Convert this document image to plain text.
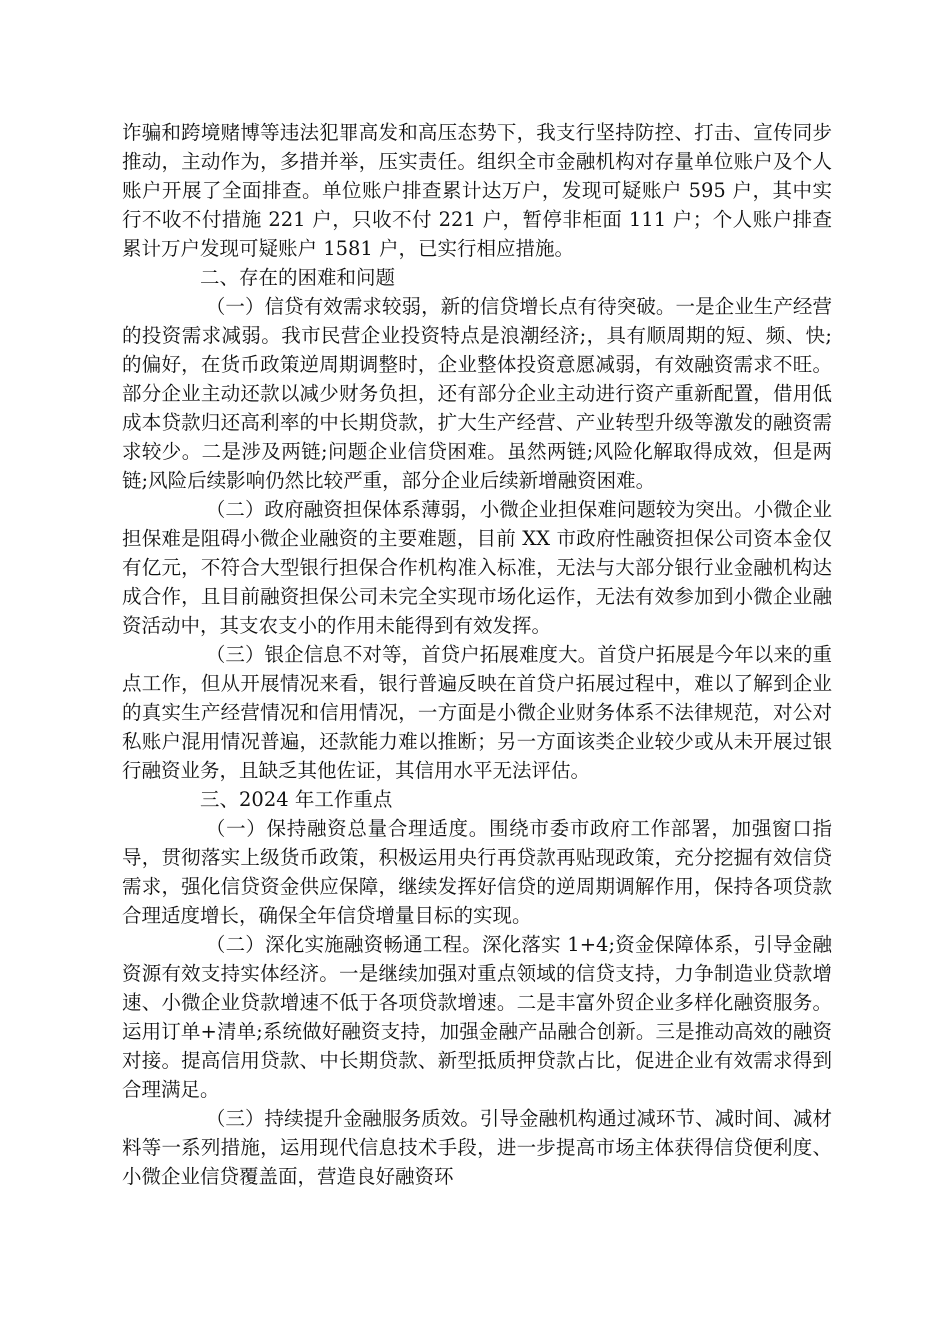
诈骗和跨境赌博等违法犯罪高发和高压态势下，我支行坚持防控、打击、宣传同步推动，主动作为，多措并举，压实责任。组织全市金融机构对存量单位账户及个人账户开展了全面排查。单位账户排查累计达万户，发现可疑账户 595 户，其中实行不收不付措施 221 户，只收不付 221 户，暂停非柜面 111 户；个人账户排查累计万户发现可疑账户 1581 户，已实行相应措施。

二、存在的困难和问题

（一）信贷有效需求较弱，新的信贷增长点有待突破。一是企业生产经营的投资需求减弱。我市民营企业投资特点是浪潮经济;，具有顺周期的短、频、快;的偏好，在货币政策逆周期调整时，企业整体投资意愿减弱，有效融资需求不旺。部分企业主动还款以减少财务负担，还有部分企业主动进行资产重新配置，借用低成本贷款归还高利率的中长期贷款，扩大生产经营、产业转型升级等激发的融资需求较少。二是涉及两链;问题企业信贷困难。虽然两链;风险化解取得成效，但是两链;风险后续影响仍然比较严重，部分企业后续新增融资困难。

（二）政府融资担保体系薄弱，小微企业担保难问题较为突出。小微企业担保难是阻碍小微企业融资的主要难题，目前 XX 市政府性融资担保公司资本金仅有亿元，不符合大型银行担保合作机构准入标准，无法与大部分银行业金融机构达成合作，且目前融资担保公司未完全实现市场化运作，无法有效参加到小微企业融资活动中，其支农支小的作用未能得到有效发挥。

（三）银企信息不对等，首贷户拓展难度大。首贷户拓展是今年以来的重点工作，但从开展情况来看，银行普遍反映在首贷户拓展过程中，难以了解到企业的真实生产经营情况和信用情况，一方面是小微企业财务体系不法律规范，对公对私账户混用情况普遍，还款能力难以推断；另一方面该类企业较少或从未开展过银行融资业务，且缺乏其他佐证，其信用水平无法评估。

三、2024 年工作重点

（一）保持融资总量合理适度。围绕市委市政府工作部署，加强窗口指导，贯彻落实上级货币政策，积极运用央行再贷款再贴现政策，充分挖掘有效信贷需求，强化信贷资金供应保障，继续发挥好信贷的逆周期调解作用，保持各项贷款合理适度增长，确保全年信贷增量目标的实现。

（二）深化实施融资畅通工程。深化落实 1+4;资金保障体系，引导金融资源有效支持实体经济。一是继续加强对重点领域的信贷支持，力争制造业贷款增速、小微企业贷款增速不低于各项贷款增速。二是丰富外贸企业多样化融资服务。运用订单+清单;系统做好融资支持，加强金融产品融合创新。三是推动高效的融资对接。提高信用贷款、中长期贷款、新型抵质押贷款占比，促进企业有效需求得到合理满足。

（三）持续提升金融服务质效。引导金融机构通过减环节、减时间、减材料等一系列措施，运用现代信息技术手段，进一步提高市场主体获得信贷便利度、小微企业信贷覆盖面，营造良好融资环
